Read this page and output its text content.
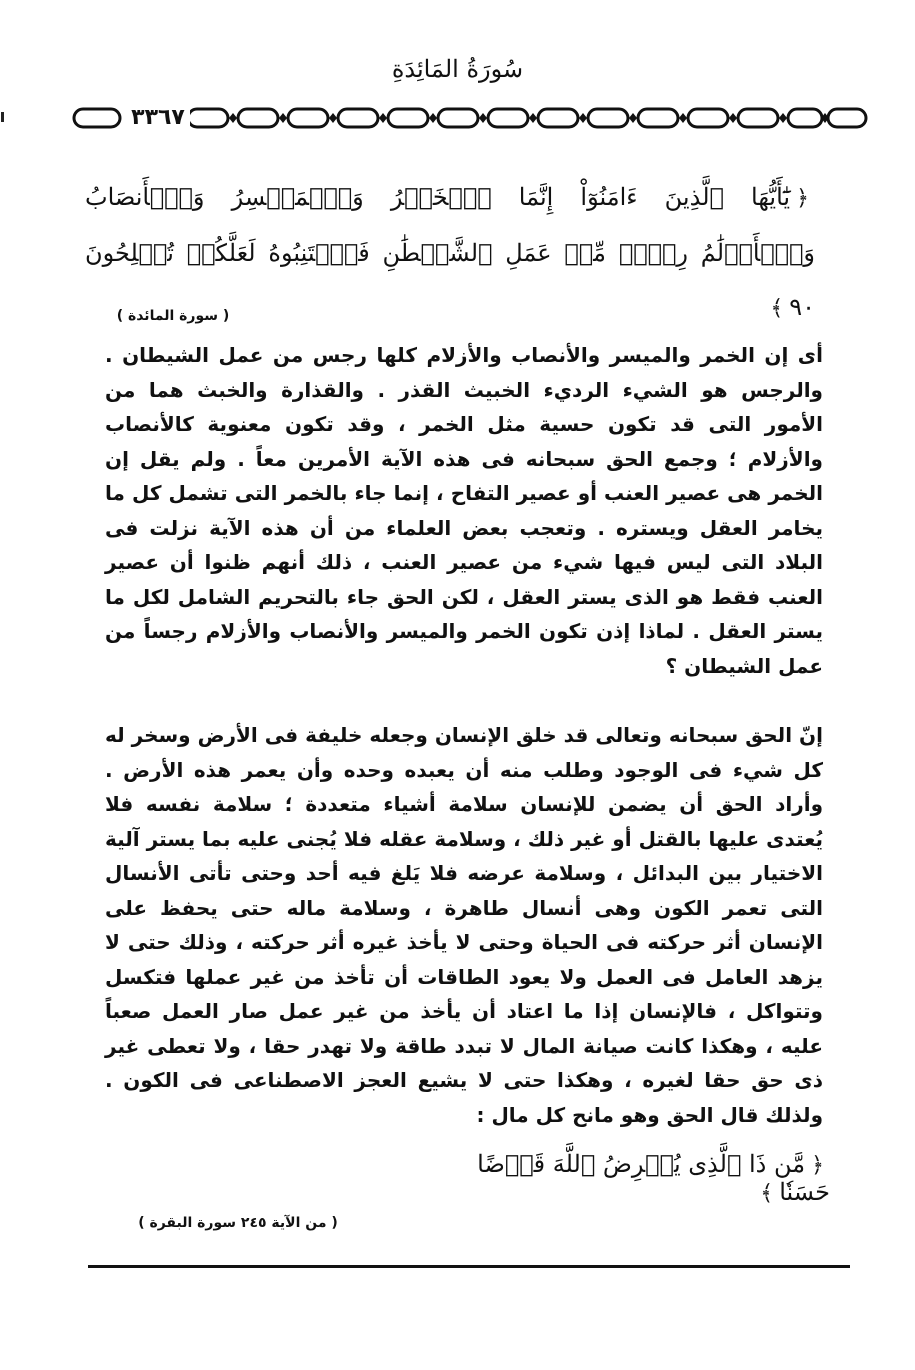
سُورَةُ المَائِدَةِ
٣٣٦٧
﴿يَٰٓأَيُّهَا ٱلَّذِينَ ءَامَنُوٓاْ إِنَّمَا ٱلۡخَمۡرُ وَٱلۡمَيۡسِرُ وَٱلۡأَنصَابُ وَٱلۡأَزۡلَٰمُ رِجۡسٞ مِّنۡ عَمَلِ ٱلشَّيۡطَٰنِ فَٱجۡتَنِبُوهُ لَعَلَّكُمۡ تُفۡلِحُونَ ٩٠﴾
( سورة المائدة )
أى إن الخمر والميسر والأنصاب والأزلام كلها رجس من عمل الشيطان . والرجس هو الشيء الرديء الخبيث القذر . والقذارة والخبث هما من الأمور التى قد تكون حسية مثل الخمر ، وقد تكون معنوية كالأنصاب والأزلام ؛ وجمع الحق سبحانه فى هذه الآية الأمرين معاً . ولم يقل إن الخمر هى عصير العنب أو عصير التفاح ، إنما جاء بالخمر التى تشمل كل ما يخامر العقل ويستره . وتعجب بعض العلماء من أن هذه الآية نزلت فى البلاد التى ليس فيها شيء من عصير العنب ، ذلك أنهم ظنوا أن عصير العنب فقط هو الذى يستر العقل ، لكن الحق جاء بالتحريم الشامل لكل ما يستر العقل . لماذا إذن تكون الخمر والميسر والأنصاب والأزلام رجساً من عمل الشيطان ؟
إنّ الحق سبحانه وتعالى قد خلق الإنسان وجعله خليفة فى الأرض وسخر له كل شيء فى الوجود وطلب منه أن يعبده وحده وأن يعمر هذه الأرض . وأراد الحق أن يضمن للإنسان سلامة أشياء متعددة ؛ سلامة نفسه فلا يُعتدى عليها بالقتل أو غير ذلك ، وسلامة عقله فلا يُجنى عليه بما يستر آلية الاختيار بين البدائل ، وسلامة عرضه فلا يَلغ فيه أحد وحتى تأتى الأنسال التى تعمر الكون وهى أنسال طاهرة ، وسلامة ماله حتى يحفظ على الإنسان أثر حركته فى الحياة وحتى لا يأخذ غيره أثر حركته ، وذلك حتى لا يزهد العامل فى العمل ولا يعود الطاقات أن تأخذ من غير عملها فتكسل وتتواكل ، فالإنسان إذا ما اعتاد أن يأخذ من غير عمل صار العمل صعباً عليه ، وهكذا كانت صيانة المال لا تبدد طاقة ولا تهدر حقا ، ولا تعطى غير ذى حق حقا لغيره ، وهكذا حتى لا يشيع العجز الاصطناعى فى الكون . ولذلك قال الحق وهو مانح كل مال :
﴿مَّن ذَا ٱلَّذِى يُقۡرِضُ ٱللَّهَ قَرۡضًا حَسَنٗا﴾
( من الآية ٢٤٥ سورة البقرة )
